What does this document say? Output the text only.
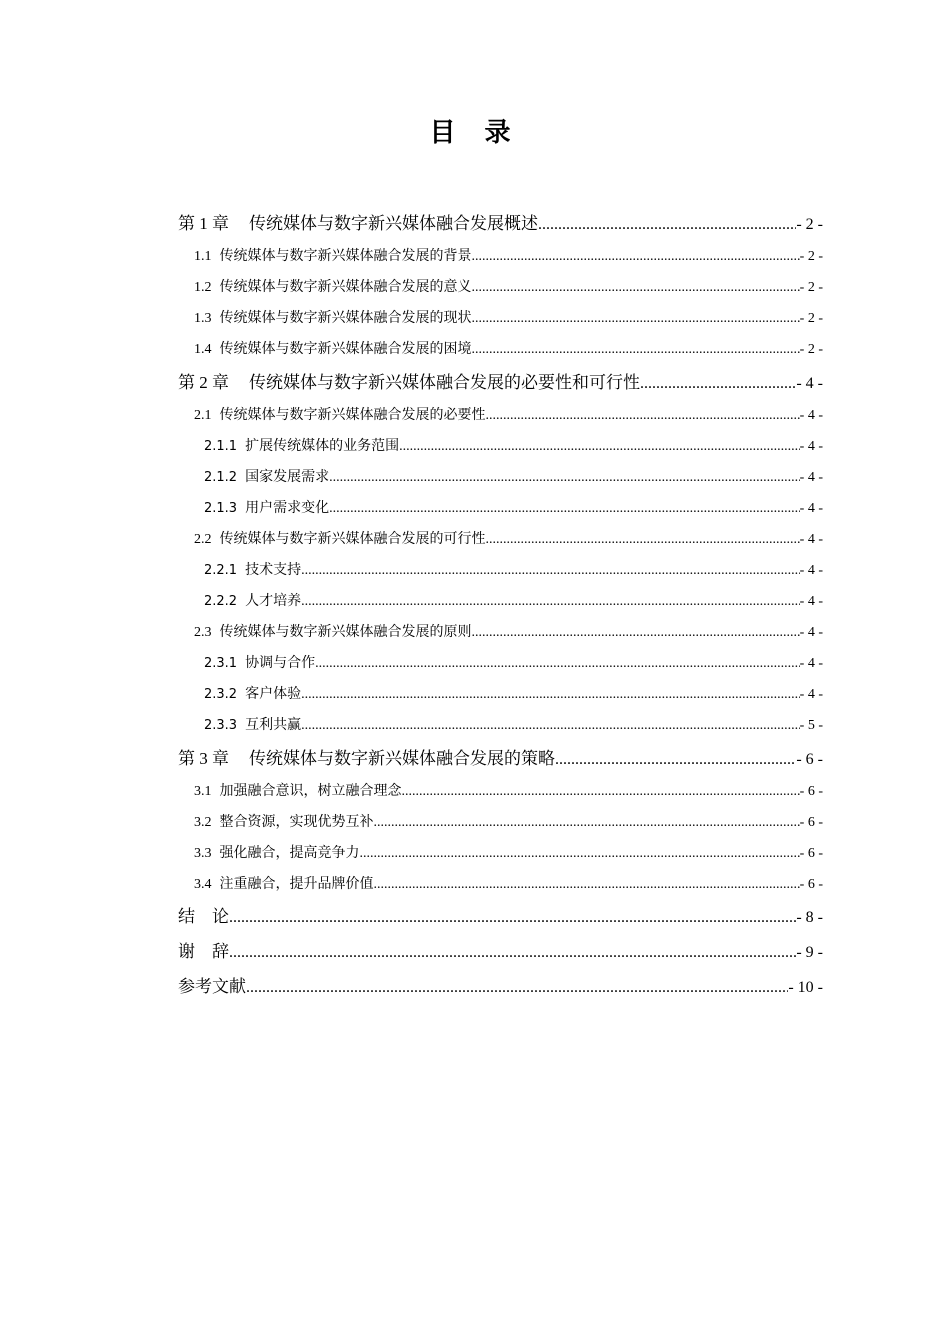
目 录
第 1 章 传统媒体与数字新兴媒体融合发展概述 .....	- 2 -
1.1 传统媒体与数字新兴媒体融合发展的背景 .....	- 2 -
1.2 传统媒体与数字新兴媒体融合发展的意义 .....	- 2 -
1.3 传统媒体与数字新兴媒体融合发展的现状 .....	- 2 -
1.4 传统媒体与数字新兴媒体融合发展的困境 .....	- 2 -
第 2 章 传统媒体与数字新兴媒体融合发展的必要性和可行性 .....	- 4 -
2.1 传统媒体与数字新兴媒体融合发展的必要性 .....	- 4 -
2.1.1 扩展传统媒体的业务范围 .....	- 4 -
2.1.2 国家发展需求 .....	- 4 -
2.1.3 用户需求变化 .....	- 4 -
2.2 传统媒体与数字新兴媒体融合发展的可行性 .....	- 4 -
2.2.1 技术支持 .....	- 4 -
2.2.2 人才培养 .....	- 4 -
2.3 传统媒体与数字新兴媒体融合发展的原则 .....	- 4 -
2.3.1 协调与合作 .....	- 4 -
2.3.2 客户体验 .....	- 4 -
2.3.3 互利共赢 .....	- 5 -
第 3 章 传统媒体与数字新兴媒体融合发展的策略 .....	- 6 -
3.1 加强融合意识，树立融合理念 .....	- 6 -
3.2 整合资源，实现优势互补 .....	- 6 -
3.3 强化融合，提高竞争力 .....	- 6 -
3.4 注重融合，提升品牌价值 .....	- 6 -
结　论 .....	- 8 -
谢　辞 .....	- 9 -
参考文献 .....	- 10 -
